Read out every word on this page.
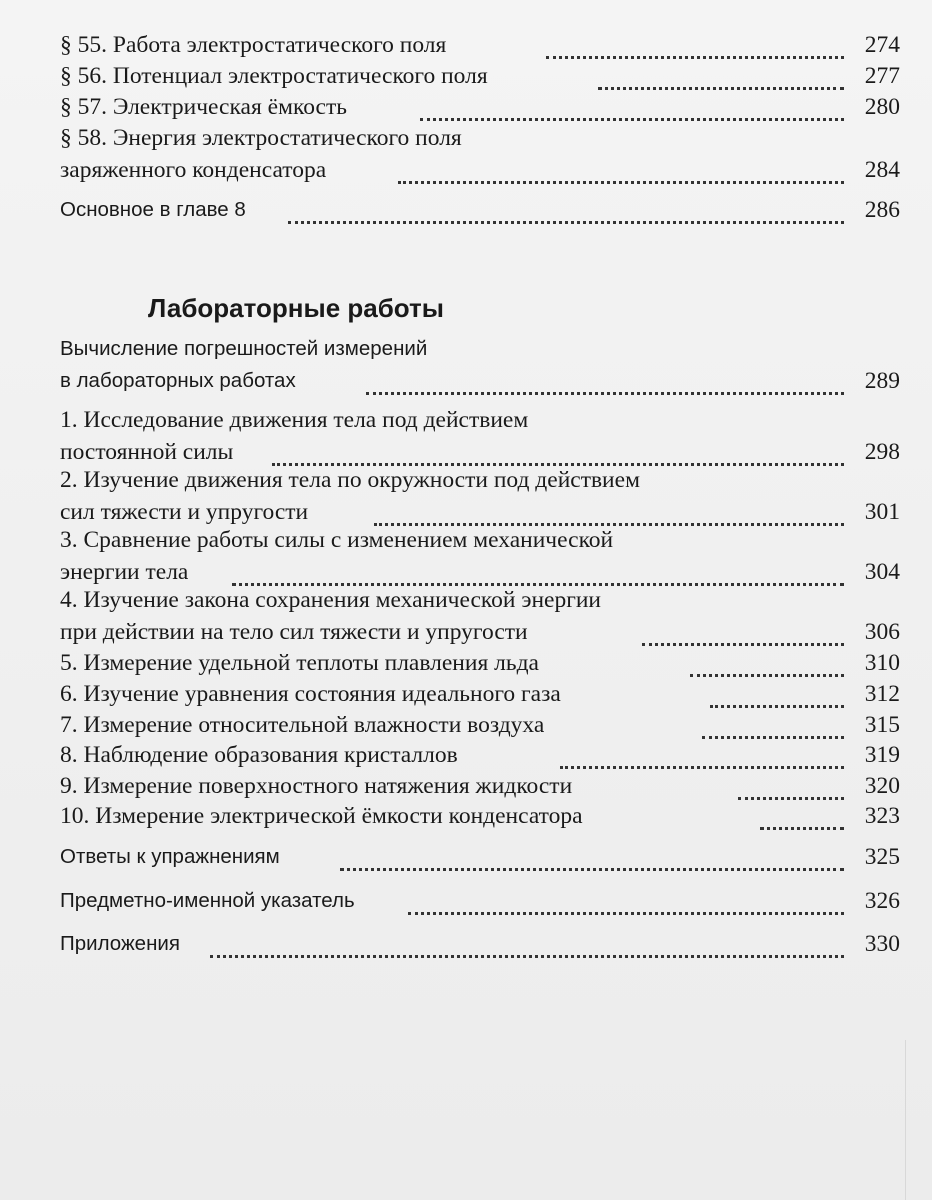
§ 55. Работа электростатического поля	274
§ 56. Потенциал электростатического поля	277
§ 57. Электрическая ёмкость	280
§ 58. Энергия электростатического поля
заряженного конденсатора	284
Основное в главе 8	286
Лабораторные работы
Вычисление погрешностей измерений
в лабораторных работах	289
1. Исследование движения тела под действием
постоянной силы	298
2. Изучение движения тела по окружности под действием
сил тяжести и упругости	301
3. Сравнение работы силы с изменением механической
энергии тела	304
4. Изучение закона сохранения механической энергии
при действии на тело сил тяжести и упругости	306
5. Измерение удельной теплоты плавления льда	310
6. Изучение уравнения состояния идеального газа	312
7. Измерение относительной влажности воздуха	315
8. Наблюдение образования кристаллов	319
9. Измерение поверхностного натяжения жидкости	320
10. Измерение электрической ёмкости конденсатора	323
Ответы к упражнениям	325
Предметно-именной указатель	326
Приложения	330
